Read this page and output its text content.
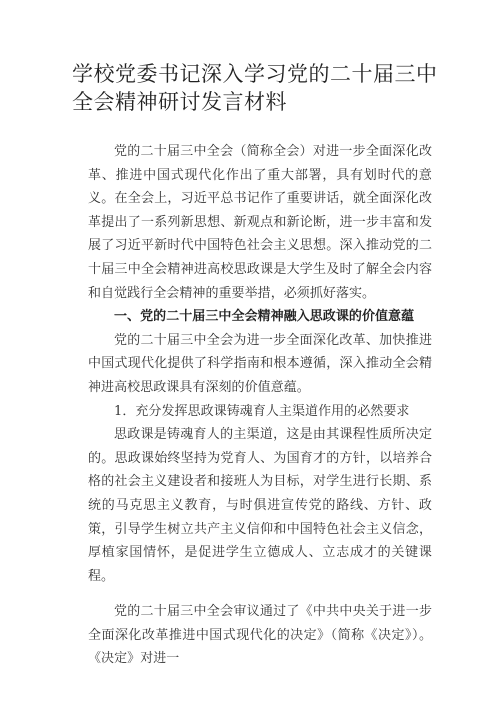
学校党委书记深入学习党的二十届三中全会精神研讨发言材料

党的二十届三中全会（简称全会）对进一步全面深化改革、推进中国式现代化作出了重大部署，具有划时代的意义。在全会上，习近平总书记作了重要讲话，就全面深化改革提出了一系列新思想、新观点和新论断，进一步丰富和发展了习近平新时代中国特色社会主义思想。深入推动党的二十届三中全会精神进高校思政课是大学生及时了解全会内容和自觉践行全会精神的重要举措，必须抓好落实。

一、党的二十届三中全会精神融入思政课的价值意蕴

党的二十届三中全会为进一步全面深化改革、加快推进中国式现代化提供了科学指南和根本遵循，深入推动全会精神进高校思政课具有深刻的价值意蕴。

1．充分发挥思政课铸魂育人主渠道作用的必然要求

思政课是铸魂育人的主渠道，这是由其课程性质所决定的。思政课始终坚持为党育人、为国育才的方针，以培养合格的社会主义建设者和接班人为目标，对学生进行长期、系统的马克思主义教育，与时俱进宣传党的路线、方针、政策，引导学生树立共产主义信仰和中国特色社会主义信念，厚植家国情怀，是促进学生立德成人、立志成才的关键课程。

党的二十届三中全会审议通过了《中共中央关于进一步全面深化改革推进中国式现代化的决定》（简称《决定》）。《决定》对进一
